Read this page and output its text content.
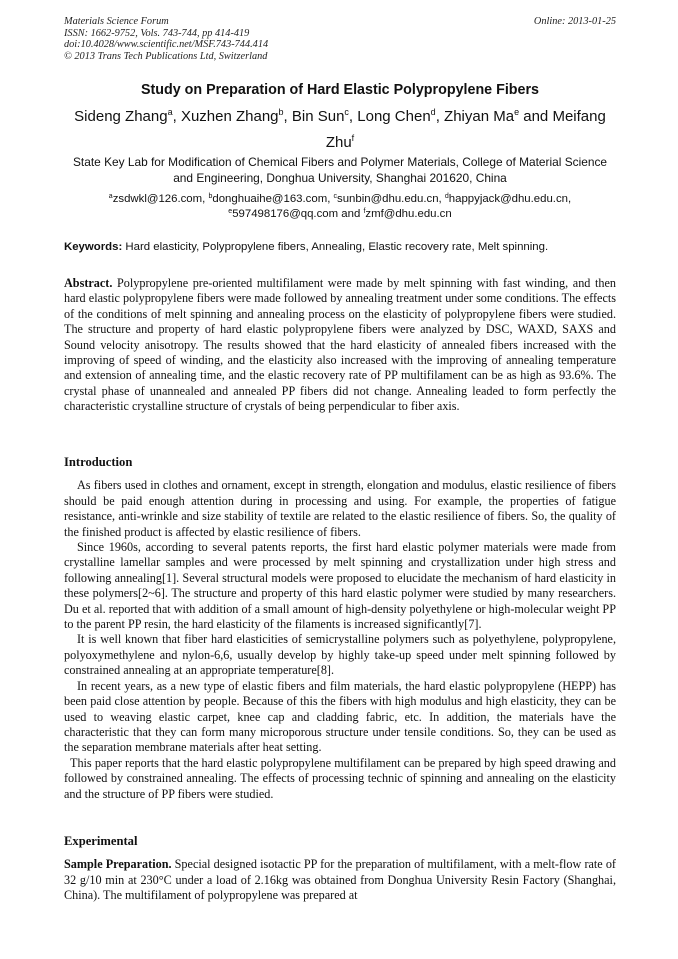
Materials Science Forum
ISSN: 1662-9752, Vols. 743-744, pp 414-419
doi:10.4028/www.scientific.net/MSF.743-744.414
© 2013 Trans Tech Publications Ltd, Switzerland
Online: 2013-01-25
Study on Preparation of Hard Elastic Polypropylene Fibers
Sideng Zhang$^a$, Xuzhen Zhang$^b$, Bin Sun$^c$, Long Chen$^d$, Zhiyan Ma$^e$ and Meifang Zhu$^f$
State Key Lab for Modification of Chemical Fibers and Polymer Materials, College of Material Science and Engineering, Donghua University, Shanghai 201620, China
$^a$zsdwkl@126.com, $^b$donghuaihe@163.com, $^c$sunbin@dhu.edu.cn, $^d$happyjack@dhu.edu.cn, $^e$597498176@qq.com and $^f$zmf@dhu.edu.cn
Keywords: Hard elasticity, Polypropylene fibers, Annealing, Elastic recovery rate, Melt spinning.

Abstract. Polypropylene pre-oriented multifilament were made by melt spinning with fast winding, and then hard elastic polypropylene fibers were made followed by annealing treatment under some conditions. The effects of the conditions of melt spinning and annealing process on the elasticity of polypropylene fibers were studied. The structure and property of hard elastic polypropylene fibers were analyzed by DSC, WAXD, SAXS and Sound velocity anisotropy. The results showed that the hard elasticity of annealed fibers increased with the improving of speed of winding, and the elasticity also increased with the improving of annealing temperature and extension of annealing time, and the elastic recovery rate of PP multifilament can be as high as 93.6%. The crystal phase of unannealed and annealed PP fibers did not change. Annealing leaded to form perfectly the characteristic crystalline structure of crystals of being perpendicular to fiber axis.

Introduction

As fibers used in clothes and ornament, except in strength, elongation and modulus, elastic resilience of fibers should be paid enough attention during in processing and using. For example, the properties of fatigue resistance, anti-wrinkle and size stability of textile are related to the elastic resilience of fibers. So, the quality of the finished product is affected by elastic resilience of fibers.

Since 1960s, according to several patents reports, the first hard elastic polymer materials were made from crystalline lamellar samples and were processed by melt spinning and crystallization under high stress and following annealing[1]. Several structural models were proposed to elucidate the mechanism of hard elasticity in these polymers[2~6]. The structure and property of this hard elastic polymer were studied by many researchers. Du et al. reported that with addition of a small amount of high-density polyethylene or high-molecular weight PP to the parent PP resin, the hard elasticity of the filaments is increased significantly[7].

It is well known that fiber hard elasticities of semicrystalline polymers such as polyethylene, polypropylene, polyoxymethylene and nylon-6,6, usually develop by highly take-up speed under melt spinning followed by constrained annealing at an appropriate temperature[8].

In recent years, as a new type of elastic fibers and film materials, the hard elastic polypropylene (HEPP) has been paid close attention by people. Because of this the fibers with high modulus and high elasticity, they can be used to weaving elastic carpet, knee cap and cladding fabric, etc. In addition, the materials have the characteristic that they can form many microporous structure under tensile conditions. So, they can be used as the separation membrane materials after heat setting.

This paper reports that the hard elastic polypropylene multifilament can be prepared by high speed drawing and followed by constrained annealing. The effects of processing technic of spinning and annealing on the elasticity and the structure of PP fibers were studied.

Experimental

Sample Preparation. Special designed isotactic PP for the preparation of multifilament, with a melt-flow rate of 32 g/10 min at 230°C under a load of 2.16kg was obtained from Donghua University Resin Factory (Shanghai, China). The multifilament of polypropylene was prepared at
